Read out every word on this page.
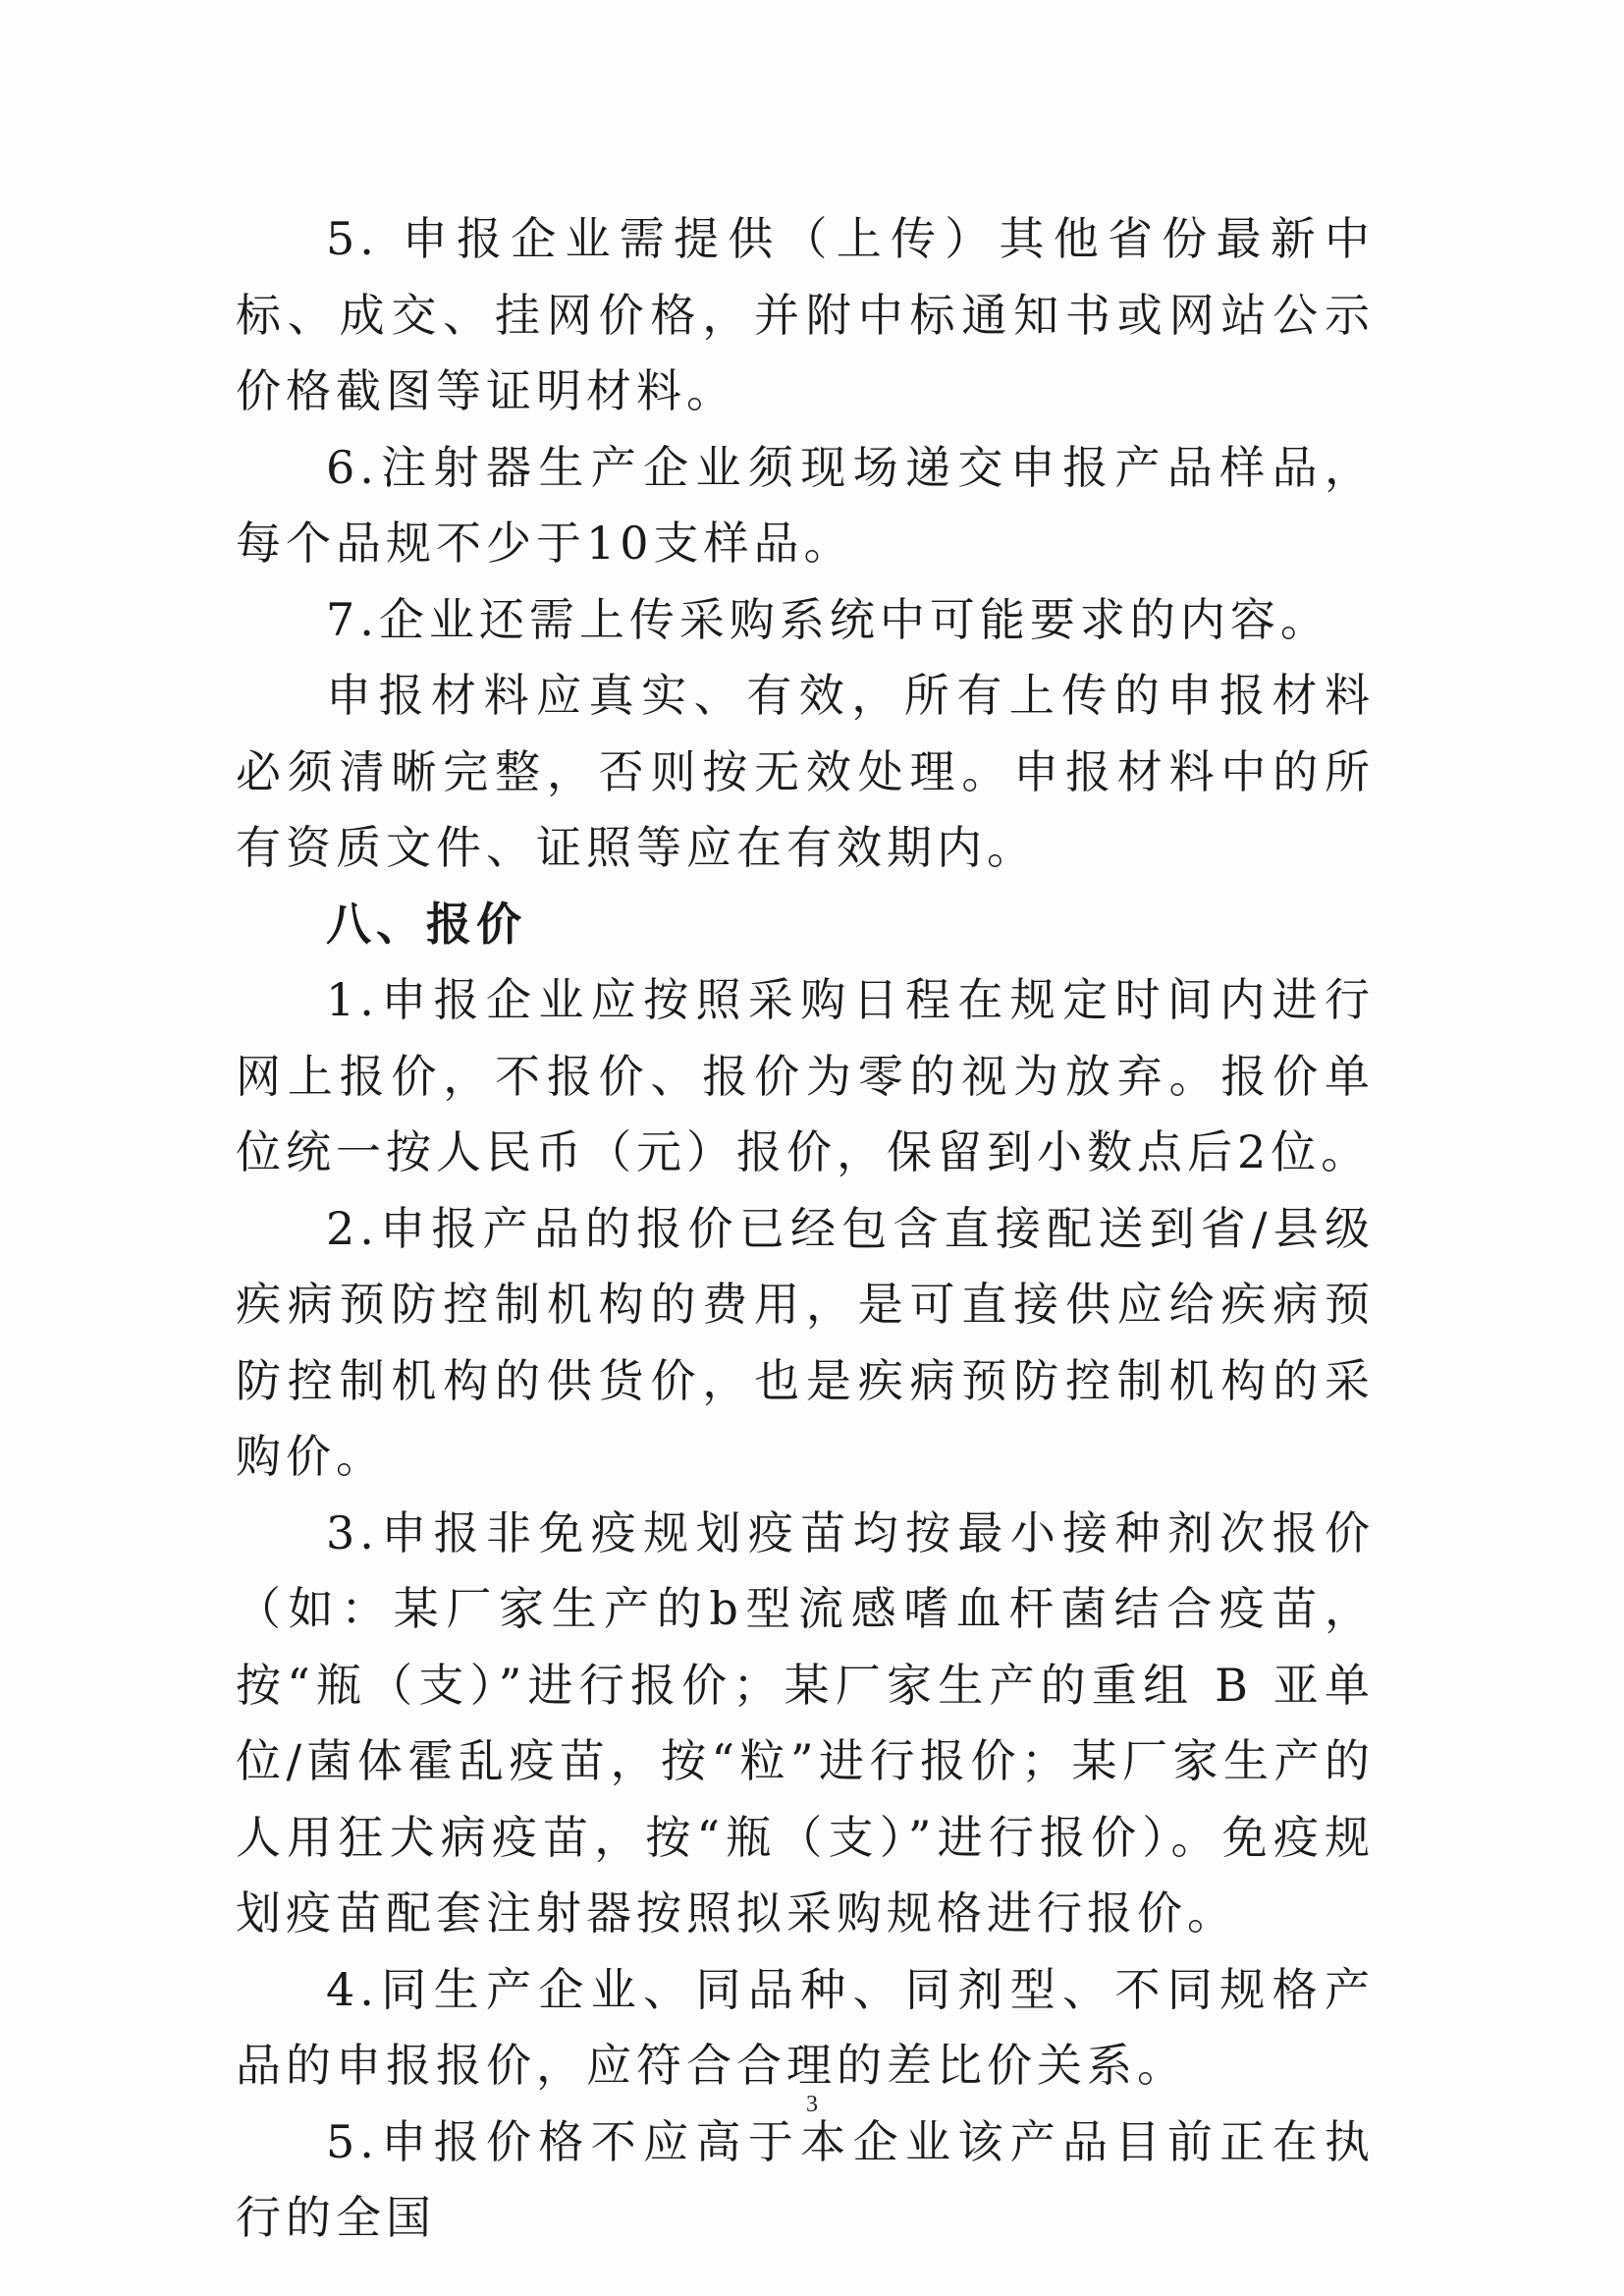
5. 申报企业需提供（上传）其他省份最新中标、成交、挂网价格，并附中标通知书或网站公示价格截图等证明材料。

6.注射器生产企业须现场递交申报产品样品，每个品规不少于10支样品。

7.企业还需上传采购系统中可能要求的内容。

申报材料应真实、有效，所有上传的申报材料必须清晰完整，否则按无效处理。申报材料中的所有资质文件、证照等应在有效期内。

八、报价

1.申报企业应按照采购日程在规定时间内进行网上报价，不报价、报价为零的视为放弃。报价单位统一按人民币（元）报价，保留到小数点后2位。

2.申报产品的报价已经包含直接配送到省/县级疾病预防控制机构的费用，是可直接供应给疾病预防控制机构的供货价，也是疾病预防控制机构的采购价。

3.申报非免疫规划疫苗均按最小接种剂次报价（如：某厂家生产的b型流感嗜血杆菌结合疫苗，按“瓶（支）”进行报价；某厂家生产的重组 B 亚单位/菌体霍乱疫苗，按“粒”进行报价；某厂家生产的人用狂犬病疫苗，按“瓶（支）”进行报价）。免疫规划疫苗配套注射器按照拟采购规格进行报价。

4.同生产企业、同品种、同剂型、不同规格产品的申报报价，应符合合理的差比价关系。

5.申报价格不应高于本企业该产品目前正在执行的全国

3
